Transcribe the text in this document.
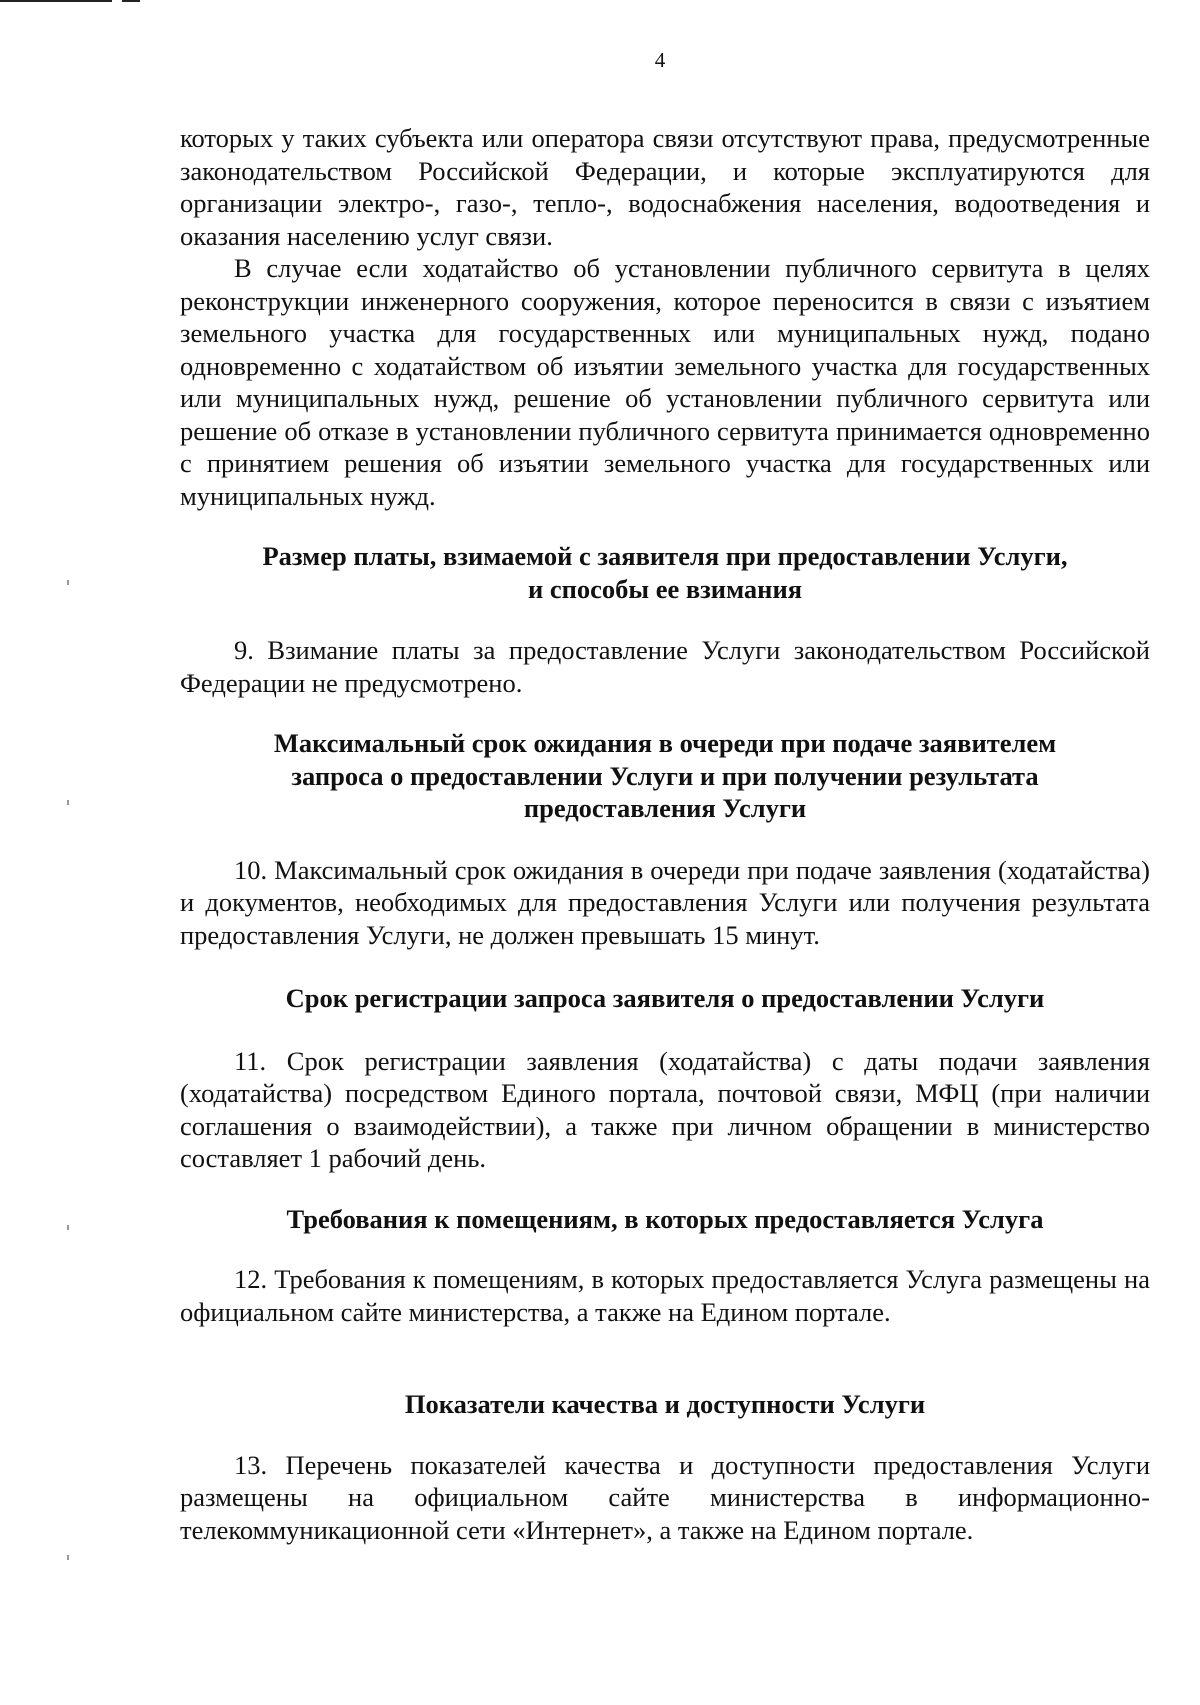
4

которых у таких субъекта или оператора связи отсутствуют права, предусмотренные законодательством Российской Федерации, и которые эксплуатируются для организации электро-, газо-, тепло-, водоснабжения населения, водоотведения и оказания населению услуг связи.

В случае если ходатайство об установлении публичного сервитута в целях реконструкции инженерного сооружения, которое переносится в связи с изъятием земельного участка для государственных или муниципальных нужд, подано одновременно с ходатайством об изъятии земельного участка для государственных или муниципальных нужд, решение об установлении публичного сервитута или решение об отказе в установлении публичного сервитута принимается одновременно с принятием решения об изъятии земельного участка для государственных или муниципальных нужд.

Размер платы, взимаемой с заявителя при предоставлении Услуги,
и способы ее взимания

9. Взимание платы за предоставление Услуги законодательством Российской Федерации не предусмотрено.

Максимальный срок ожидания в очереди при подаче заявителем
запроса о предоставлении Услуги и при получении результата
предоставления Услуги

10. Максимальный срок ожидания в очереди при подаче заявления (ходатайства) и документов, необходимых для предоставления Услуги или получения результата предоставления Услуги, не должен превышать 15 минут.

Срок регистрации запроса заявителя о предоставлении Услуги

11. Срок регистрации заявления (ходатайства) с даты подачи заявления (ходатайства) посредством Единого портала, почтовой связи, МФЦ (при наличии соглашения о взаимодействии), а также при личном обращении в министерство составляет 1 рабочий день.

Требования к помещениям, в которых предоставляется Услуга

12. Требования к помещениям, в которых предоставляется Услуга размещены на официальном сайте министерства, а также на Едином портале.

Показатели качества и доступности Услуги

13. Перечень показателей качества и доступности предоставления Услуги размещены на официальном сайте министерства в информационно-телекоммуникационной сети «Интернет», а также на Едином портале.
